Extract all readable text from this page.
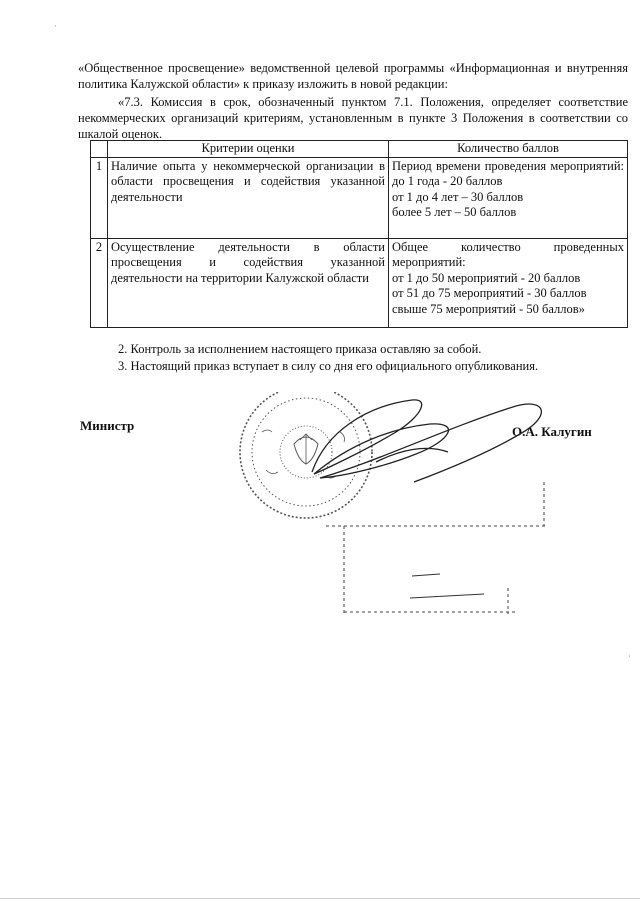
·
·

«Общественное просвещение» ведомственной целевой программы «Информационная и внутренняя политика Калужской области» к приказу изложить в новой редакции:

«7.3. Комиссия в срок, обозначенный пунктом 7.1. Положения, определяет соответствие некоммерческих организаций критериям, установленным в пункте 3 Положения в соответствии со шкалой оценок.

	Критерии оценки	Количество баллов
1	Наличие опыта у некоммерческой организации в области просвещения и содействия указанной деятельности	Период времени проведения мероприятий:
до 1 года - 20 баллов
от 1 до 4 лет – 30 баллов
более 5 лет – 50 баллов

2	Осуществление деятельности в области просвещения и содействия указанной деятельности на территории Калужской области	Общее количество проведенных мероприятий:
от 1 до 50 мероприятий - 20 баллов
от 51 до 75 мероприятий - 30 баллов
свыше 75 мероприятий - 50 баллов»
2. Контроль за исполнением настоящего приказа оставляю за собой.
3. Настоящий приказ вступает в силу со дня его официального опубликования.
Министр	О.А. Калугин
